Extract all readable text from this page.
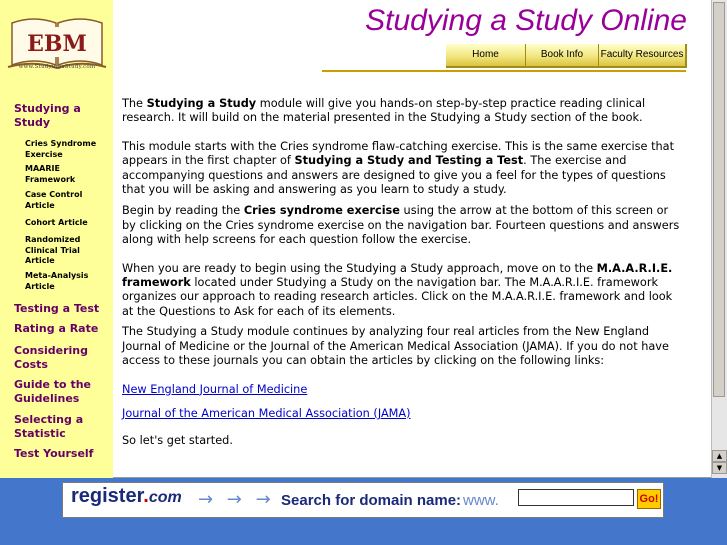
EBM
www.StudyingaStudy.com
Studying a Study
Cries Syndrome Exercise
MAARIE Framework
Case Control Article
Cohort Article
Randomized Clinical Trial Article
Meta-Analysis Article
Testing a Test
Rating a Rate
Considering Costs
Guide to the Guidelines
Selecting a Statistic
Test Yourself
Studying a Study Online
Home	Book Info	Faculty Resources

The Studying a Study module will give you hands-on step-by-step practice reading clinical research. It will build on the material presented in the Studying a Study section of the book.

This module starts with the Cries syndrome flaw-catching exercise. This is the same exercise that appears in the first chapter of Studying a Study and Testing a Test. The exercise and accompanying questions and answers are designed to give you a feel for the types of questions that you will be asking and answering as you learn to study a study.

Begin by reading the Cries syndrome exercise using the arrow at the bottom of this screen or by clicking on the Cries syndrome exercise on the navigation bar. Fourteen questions and answers along with help screens for each question follow the exercise.

When you are ready to begin using the Studying a Study approach, move on to the M.A.A.R.I.E. framework located under Studying a Study on the navigation bar. The M.A.A.R.I.E. framework organizes our approach to reading research articles. Click on the M.A.A.R.I.E. framework and look at the Questions to Ask for each of its elements.

The Studying a Study module continues by analyzing four real articles from the New England Journal of Medicine or the Journal of the American Medical Association (JAMA). If you do not have access to these journals you can obtain the articles by clicking on the following links:

New England Journal of Medicine

Journal of the American Medical Association (JAMA)

So let's get started.

▲
▼
register.com → → → Search for domain name: www.	Go!
